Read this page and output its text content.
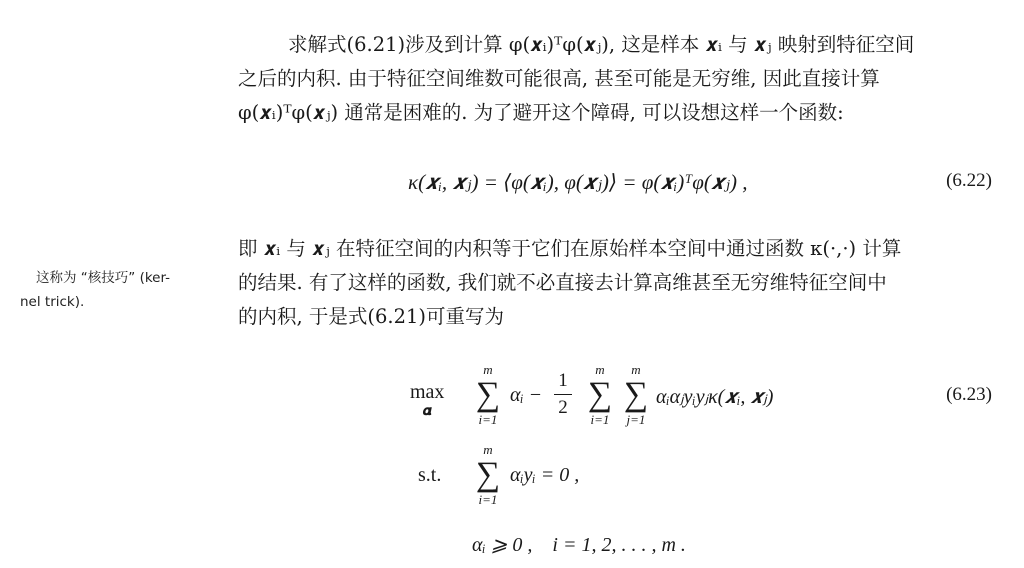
求解式(6.21)涉及到计算 φ(𝒙ᵢ)ᵀφ(𝒙ⱼ), 这是样本 𝒙ᵢ 与 𝒙ⱼ 映射到特征空间
之后的内积. 由于特征空间维数可能很高, 甚至可能是无穷维, 因此直接计算
φ(𝒙ᵢ)ᵀφ(𝒙ⱼ) 通常是困难的. 为了避开这个障碍, 可以设想这样一个函数:
κ(𝒙ᵢ, 𝒙ⱼ) = ⟨φ(𝒙ᵢ), φ(𝒙ⱼ)⟩ = φ(𝒙ᵢ)ᵀφ(𝒙ⱼ) ,	(6.22)
这称为 “核技巧” (ker-
nel trick).
即 𝒙ᵢ 与 𝒙ⱼ 在特征空间的内积等于它们在原始样本空间中通过函数 κ(·,·) 计算
的结果. 有了这样的函数, 我们就不必直接去计算高维甚至无穷维特征空间中
的内积, 于是式(6.21)可重写为
max
𝜶
m
∑
i=1
αᵢ −
1
2
m
∑
i=1
m
∑
j=1
αᵢαⱼyᵢyⱼκ(𝒙ᵢ, 𝒙ⱼ)	(6.23)
s.t.
m
∑
i=1
αᵢyᵢ = 0 ,
αᵢ ⩾ 0 ,    i = 1, 2, . . . , m .
